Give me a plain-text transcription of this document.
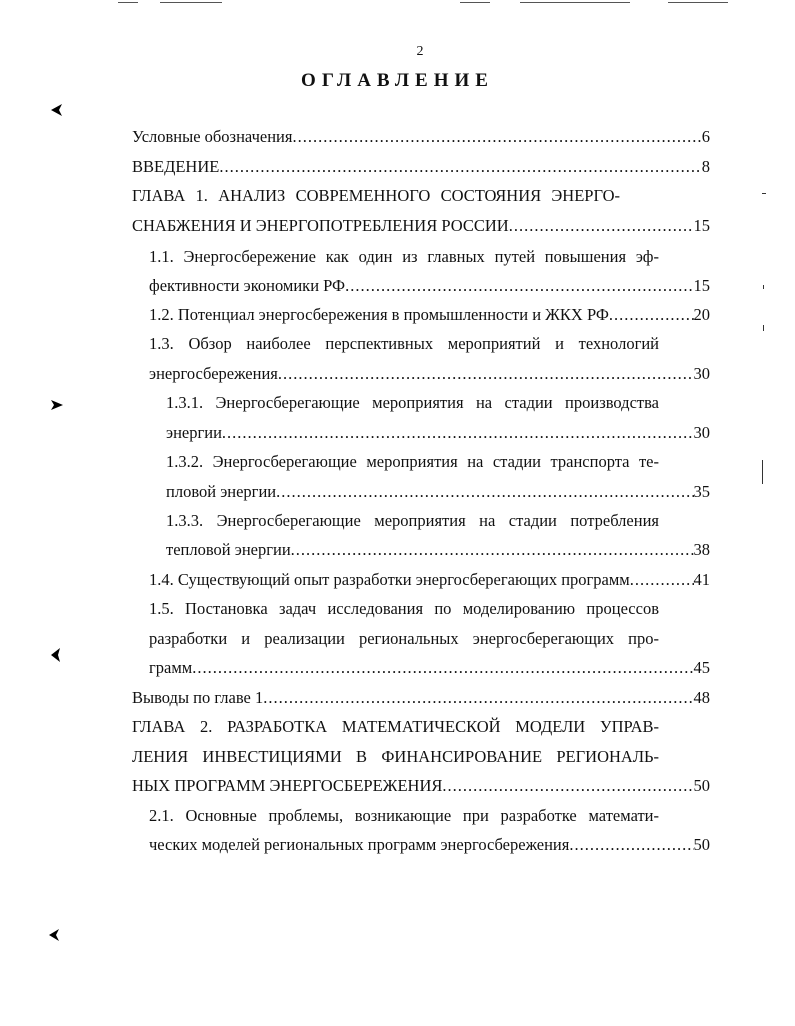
2
ОГЛАВЛЕНИЕ
Условные обозначения .....	6
ВВЕДЕНИЕ .....	8
ГЛАВА 1. АНАЛИЗ СОВРЕМЕННОГО СОСТОЯНИЯ ЭНЕРГО-
СНАБЖЕНИЯ И ЭНЕРГОПОТРЕБЛЕНИЯ РОССИИ .....	15
1.1. Энергосбережение как один из главных путей повышения эф-
фективности экономики РФ .....	15
1.2. Потенциал энергосбережения в промышленности и ЖКХ РФ .....	20
1.3. Обзор наиболее перспективных мероприятий и технологий
энергосбережения .....	30
1.3.1. Энергосберегающие мероприятия на стадии производства
энергии .....	30
1.3.2. Энергосберегающие мероприятия на стадии транспорта те-
пловой энергии .....	35
1.3.3. Энергосберегающие мероприятия на стадии потребления
тепловой энергии .....	38
1.4. Существующий опыт разработки энергосберегающих программ .....	41
1.5. Постановка задач исследования по моделированию процессов
разработки и реализации региональных энергосберегающих про-
грамм .....	45
Выводы по главе 1 .....	48
ГЛАВА 2. РАЗРАБОТКА МАТЕМАТИЧЕСКОЙ МОДЕЛИ УПРАВ-
ЛЕНИЯ ИНВЕСТИЦИЯМИ В ФИНАНСИРОВАНИЕ РЕГИОНАЛЬ-
НЫХ ПРОГРАММ ЭНЕРГОСБЕРЕЖЕНИЯ .....	50
2.1. Основные проблемы, возникающие при разработке математи-
ческих моделей региональных программ энергосбережения .....	50
